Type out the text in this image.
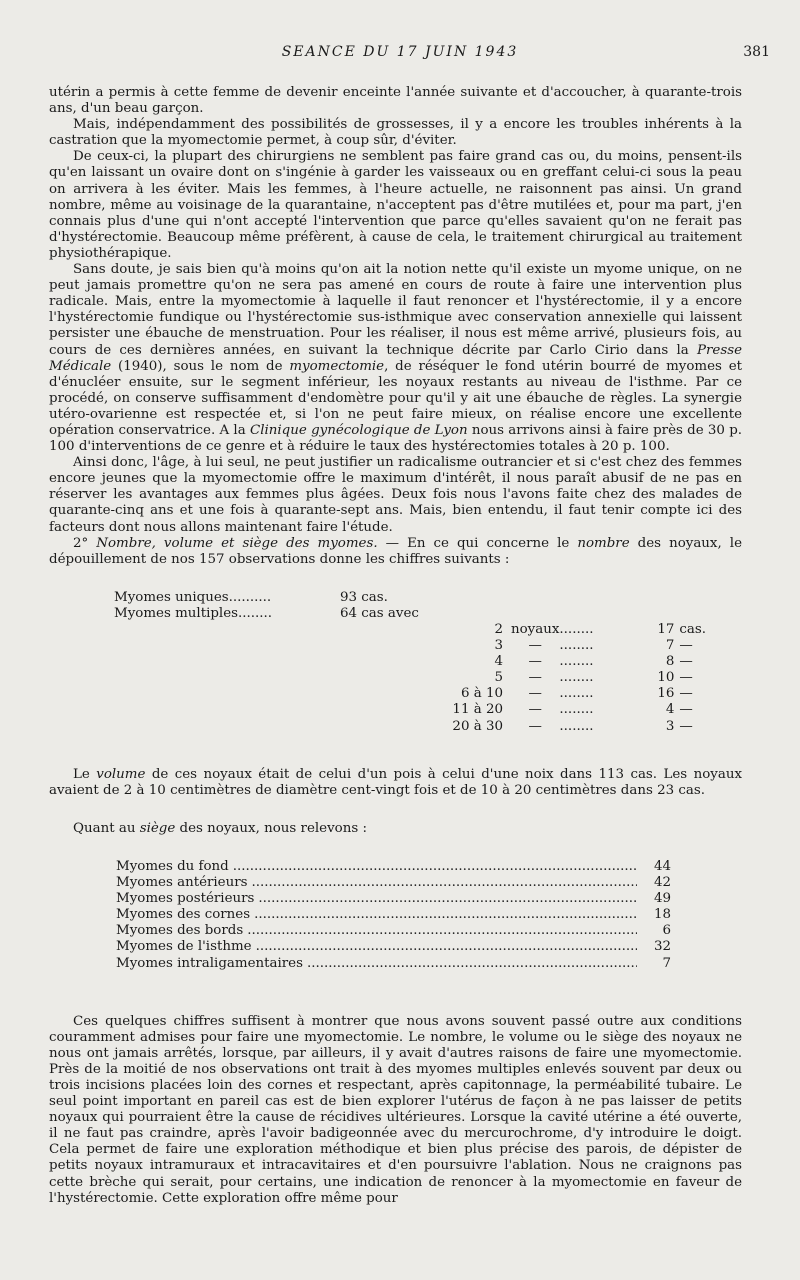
SEANCE DU 17 JUIN 1943	381

utérin a permis à cette femme de devenir enceinte l'année suivante et d'accoucher, à quarante-trois ans, d'un beau garçon.

Mais, indépendamment des possibilités de grossesses, il y a encore les troubles inhérents à la castration que la myomectomie permet, à coup sûr, d'éviter.

De ceux-ci, la plupart des chirurgiens ne semblent pas faire grand cas ou, du moins, pensent-ils qu'en laissant un ovaire dont on s'ingénie à garder les vaisseaux ou en greffant celui-ci sous la peau on arrivera à les éviter. Mais les femmes, à l'heure actuelle, ne raisonnent pas ainsi. Un grand nombre, même au voisinage de la quarantaine, n'acceptent pas d'être mutilées et, pour ma part, j'en connais plus d'une qui n'ont accepté l'intervention que parce qu'elles savaient qu'on ne ferait pas d'hystérectomie. Beaucoup même préfèrent, à cause de cela, le traitement chirurgical au traitement physiothérapique.

Sans doute, je sais bien qu'à moins qu'on ait la notion nette qu'il existe un myome unique, on ne peut jamais promettre qu'on ne sera pas amené en cours de route à faire une intervention plus radicale. Mais, entre la myomectomie à laquelle il faut renoncer et l'hystérectomie, il y a encore l'hystérectomie fundique ou l'hystérectomie sus-isthmique avec conservation annexielle qui laissent persister une ébauche de menstruation. Pour les réaliser, il nous est même arrivé, plusieurs fois, au cours de ces dernières années, en suivant la technique décrite par Carlo Cirio dans la Presse Médicale (1940), sous le nom de myomectomie, de réséquer le fond utérin bourré de myomes et d'énucléer ensuite, sur le segment inférieur, les noyaux restants au niveau de l'isthme. Par ce procédé, on conserve suffisamment d'endomètre pour qu'il y ait une ébauche de règles. La synergie utéro-ovarienne est respectée et, si l'on ne peut faire mieux, on réalise encore une excellente opération conservatrice. A la Clinique gynécologique de Lyon nous arrivons ainsi à faire près de 30 p. 100 d'interventions de ce genre et à réduire le taux des hystérectomies totales à 20 p. 100.

Ainsi donc, l'âge, à lui seul, ne peut justifier un radicalisme outrancier et si c'est chez des femmes encore jeunes que la myomectomie offre le maximum d'intérêt, il nous paraît abusif de ne pas en réserver les avantages aux femmes plus âgées. Deux fois nous l'avons faite chez des malades de quarante-cinq ans et une fois à quarante-sept ans. Mais, bien entendu, il faut tenir compte ici des facteurs dont nous allons maintenant faire l'étude.

2° Nombre, volume et siège des myomes. — En ce qui concerne le nombre des noyaux, le dépouillement de nos 157 observations donne les chiffres suivants :

Myomes uniques..........	93 cas.					
Myomes multiples........	64 cas avec					
		2	noyaux	........	17	cas.
		3	—	........	7	—
		4	—	........	8	—
		5	—	........	10	—
		6 à 10	—	........	16	—
		11 à 20	—	........	4	—
		20 à 30	—	........	3	—

Le volume de ces noyaux était de celui d'un pois à celui d'une noix dans 113 cas. Les noyaux avaient de 2 à 10 centimètres de diamètre cent-vingt fois et de 10 à 20 centimètres dans 23 cas.

Quant au siège des noyaux, nous relevons :

Myomes du fond .....	44
Myomes antérieurs .....	42
Myomes postérieurs .....	49
Myomes des cornes .....	18
Myomes des bords .....	6
Myomes de l'isthme .....	32
Myomes intraligamentaires .....	7

Ces quelques chiffres suffisent à montrer que nous avons souvent passé outre aux conditions couramment admises pour faire une myomectomie. Le nombre, le volume ou le siège des noyaux ne nous ont jamais arrêtés, lorsque, par ailleurs, il y avait d'autres raisons de faire une myomectomie. Près de la moitié de nos observations ont trait à des myomes multiples enlevés souvent par deux ou trois incisions placées loin des cornes et respectant, après capitonnage, la perméabilité tubaire. Le seul point important en pareil cas est de bien explorer l'utérus de façon à ne pas laisser de petits noyaux qui pourraient être la cause de récidives ultérieures. Lorsque la cavité utérine a été ouverte, il ne faut pas craindre, après l'avoir badigeonnée avec du mercurochrome, d'y introduire le doigt. Cela permet de faire une exploration méthodique et bien plus précise des parois, de dépister de petits noyaux intramuraux et intracavitaires et d'en poursuivre l'ablation. Nous ne craignons pas cette brèche qui serait, pour certains, une indication de renoncer à la myomectomie en faveur de l'hystérectomie. Cette exploration offre même pour
